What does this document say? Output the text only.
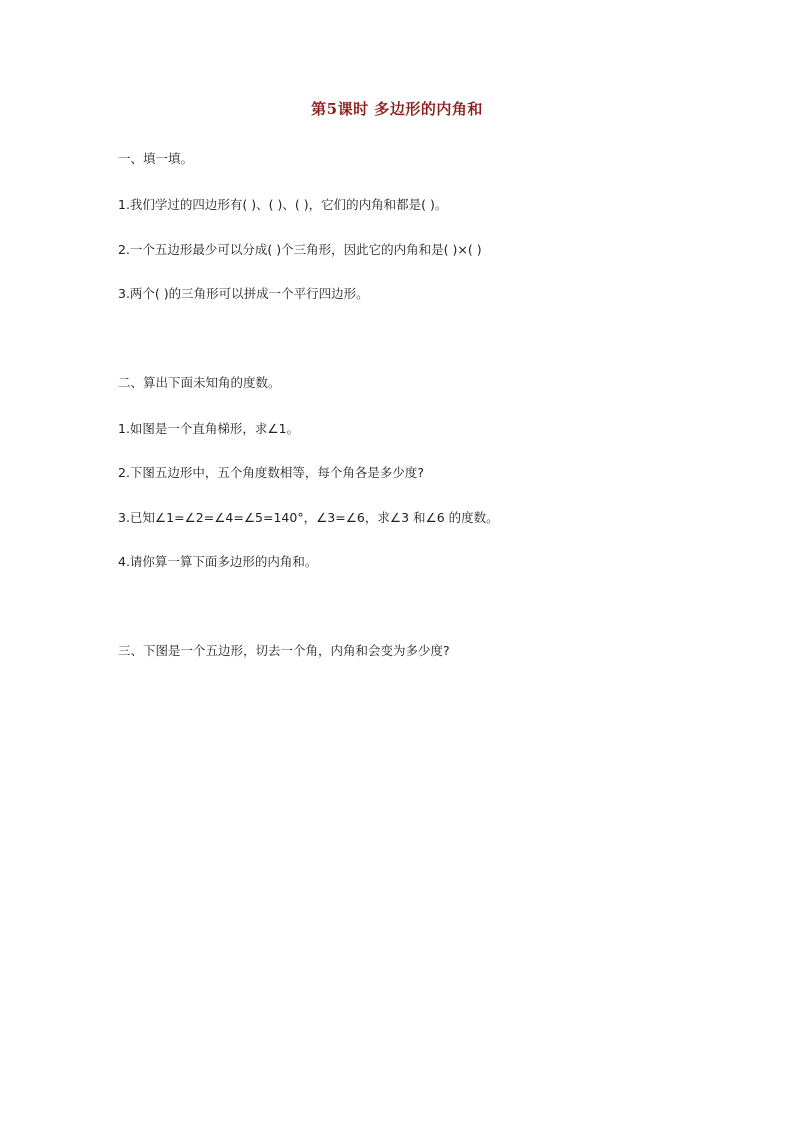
第5课时 多边形的内角和
一、填一填。
1.我们学过的四边形有( )、( )、( )，它们的内角和都是( )。
2.一个五边形最少可以分成( )个三角形，因此它的内角和是( )×( )
3.两个( )的三角形可以拼成一个平行四边形。
二、算出下面未知角的度数。
1.如图是一个直角梯形，求∠1。
2.下图五边形中，五个角度数相等，每个角各是多少度?
3.已知∠1=∠2=∠4=∠5=140°，∠3=∠6，求∠3 和∠6 的度数。
4.请你算一算下面多边形的内角和。
三、下图是一个五边形，切去一个角，内角和会变为多少度?
